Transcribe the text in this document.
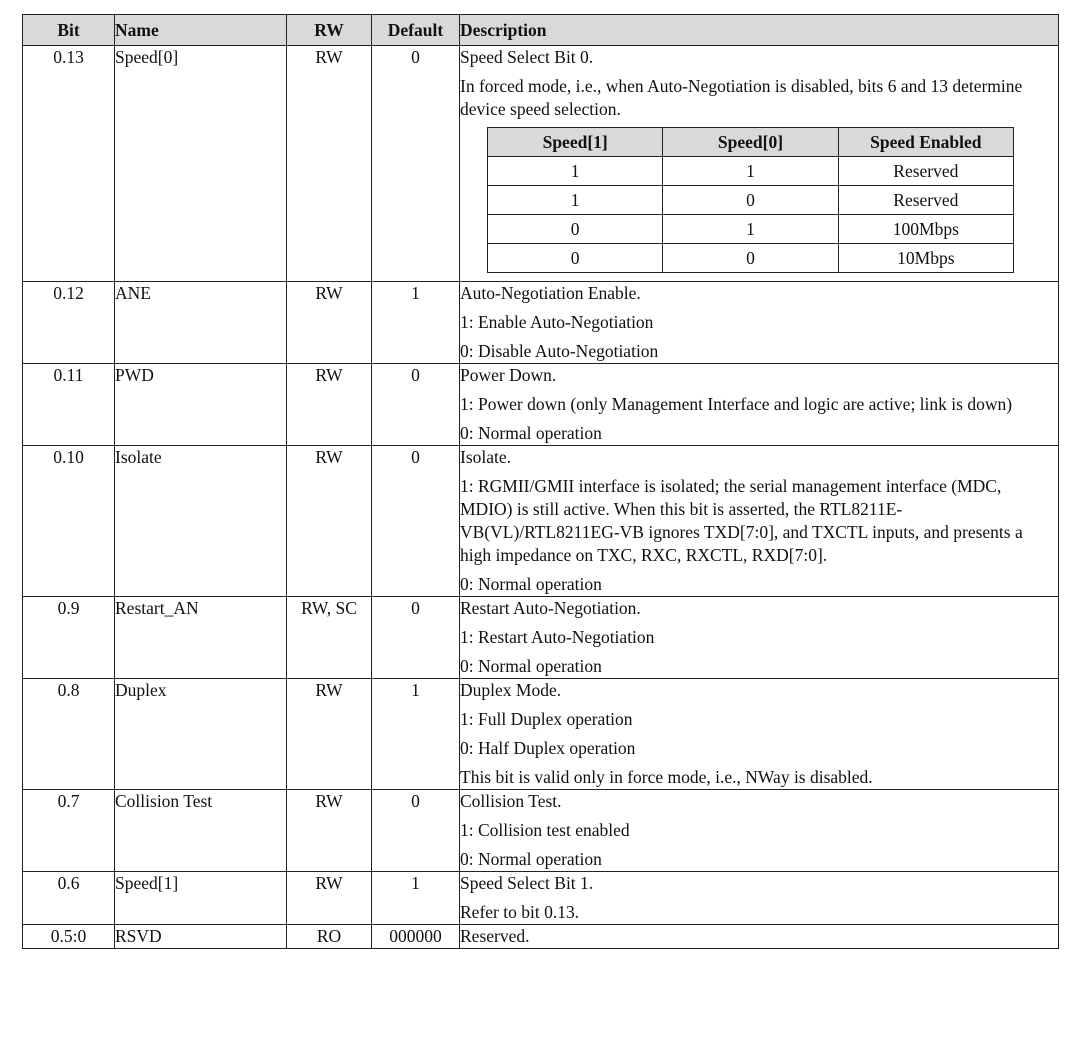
Bit	Name	RW	Default	Description
0.13	Speed[0]	RW	0	Speed Select Bit 0.
In forced mode, i.e., when Auto-Negotiation is disabled, bits 6 and 13 determine device speed selection.
Speed[1]	Speed[0]	Speed Enabled
1	1	Reserved
1	0	Reserved
0	1	100Mbps
0	0	10Mbps

0.12	ANE	RW	1	Auto-Negotiation Enable.
1: Enable Auto-Negotiation
0: Disable Auto-Negotiation

0.11	PWD	RW	0	Power Down.
1: Power down (only Management Interface and logic are active; link is down)
0: Normal operation

0.10	Isolate	RW	0	Isolate.
1: RGMII/GMII interface is isolated; the serial management interface (MDC, MDIO) is still active. When this bit is asserted, the RTL8211E-VB(VL)/RTL8211EG-VB ignores TXD[7:0], and TXCTL inputs, and presents a high impedance on TXC, RXC, RXCTL, RXD[7:0].
0: Normal operation

0.9	Restart_AN	RW, SC	0	Restart Auto-Negotiation.
1: Restart Auto-Negotiation
0: Normal operation

0.8	Duplex	RW	1	Duplex Mode.
1: Full Duplex operation
0: Half Duplex operation
This bit is valid only in force mode, i.e., NWay is disabled.

0.7	Collision Test	RW	0	Collision Test.
1: Collision test enabled
0: Normal operation

0.6	Speed[1]	RW	1	Speed Select Bit 1.
Refer to bit 0.13.

0.5:0	RSVD	RO	000000	Reserved.
